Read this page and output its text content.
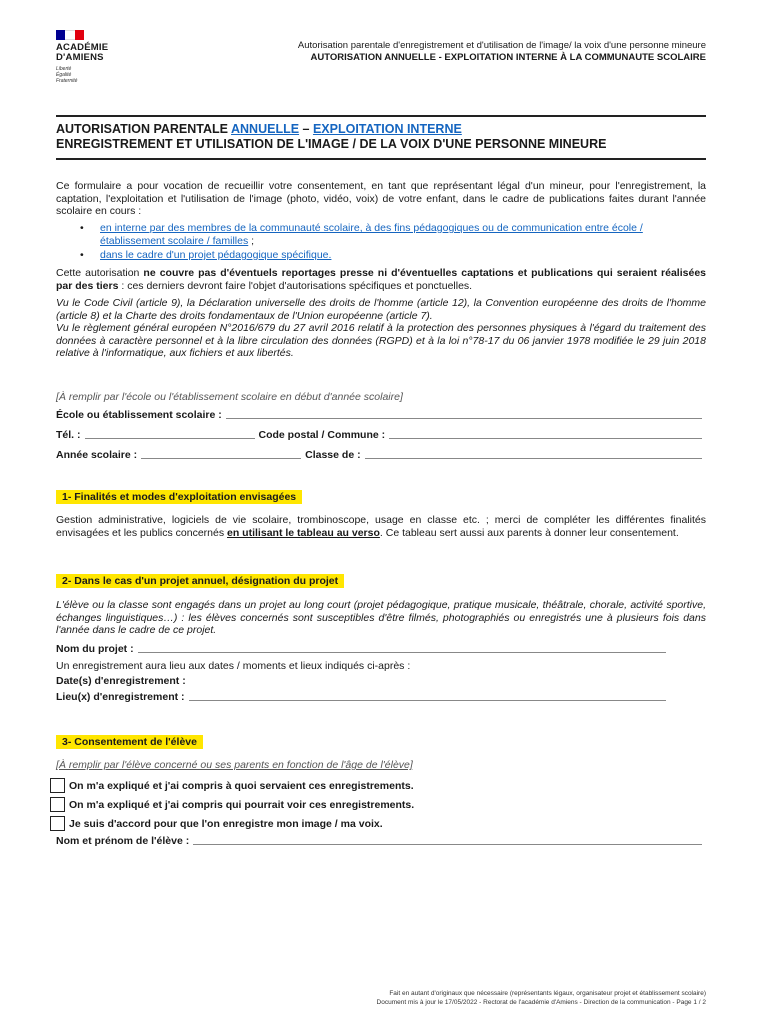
ACADÉMIE
D'AMIENS
Liberté
Égalité
Fraternité
Autorisation parentale d'enregistrement et d'utilisation de l'image/ la voix d'une personne mineure
AUTORISATION ANNUELLE - EXPLOITATION INTERNE À LA COMMUNAUTE SCOLAIRE
AUTORISATION PARENTALE ANNUELLE – EXPLOITATION INTERNE
ENREGISTREMENT ET UTILISATION DE L'IMAGE / DE LA VOIX D'UNE PERSONNE MINEURE
Ce formulaire a pour vocation de recueillir votre consentement, en tant que représentant légal d'un mineur, pour l'enregistrement, la captation, l'exploitation et l'utilisation de l'image (photo, vidéo, voix) de votre enfant, dans le cadre de publications faites durant l'année scolaire en cours :
•	en interne par des membres de la communauté scolaire, à des fins pédagogiques ou de communication entre école / établissement scolaire / familles ;
•	dans le cadre d'un projet pédagogique spécifique.
Cette autorisation ne couvre pas d'éventuels reportages presse ni d'éventuelles captations et publications qui seraient réalisées par des tiers : ces derniers devront faire l'objet d'autorisations spécifiques et ponctuelles.
Vu le Code Civil (article 9), la Déclaration universelle des droits de l'homme (article 12), la Convention européenne des droits de l'homme (article 8) et la Charte des droits fondamentaux de l'Union européenne (article 7).
Vu le règlement général européen N°2016/679 du 27 avril 2016 relatif à la protection des personnes physiques à l'égard du traitement des données à caractère personnel et à la libre circulation des données (RGPD) et à la loi n°78-17 du 06 janvier 1978 modifiée le 29 juin 2018 relative à l'informatique, aux fichiers et aux libertés.
[À remplir par l'école ou l'établissement scolaire en début d'année scolaire]
École ou établissement scolaire :
Tél. :	Code postal / Commune :
Année scolaire :	Classe de :
1- Finalités et modes d'exploitation envisagées
Gestion administrative, logiciels de vie scolaire, trombinoscope, usage en classe etc. ; merci de compléter les différentes finalités envisagées et les publics concernés en utilisant le tableau au verso. Ce tableau sert aussi aux parents à donner leur consentement.
2- Dans le cas d'un projet annuel, désignation du projet
L'élève ou la classe sont engagés dans un projet au long court (projet pédagogique, pratique musicale, théâtrale, chorale, activité sportive, échanges linguistiques…) : les élèves concernés sont susceptibles d'être filmés, photographiés ou enregistrés une à plusieurs fois dans l'année dans le cadre de ce projet.
Nom du projet :
Un enregistrement aura lieu aux dates / moments et lieux indiqués ci-après :
Date(s) d'enregistrement :
Lieu(x) d'enregistrement :
3- Consentement de l'élève
[À remplir par l'élève concerné ou ses parents en fonction de l'âge de l'élève]
On m'a expliqué et j'ai compris à quoi servaient ces enregistrements.
On m'a expliqué et j'ai compris qui pourrait voir ces enregistrements.
Je suis d'accord pour que l'on enregistre mon image / ma voix.
Nom et prénom de l'élève :
Fait en autant d'originaux que nécessaire (représentants légaux, organisateur projet et établissement scolaire)
Document mis à jour le 17/05/2022 - Rectorat de l'académie d'Amiens - Direction de la communication - Page 1 / 2
